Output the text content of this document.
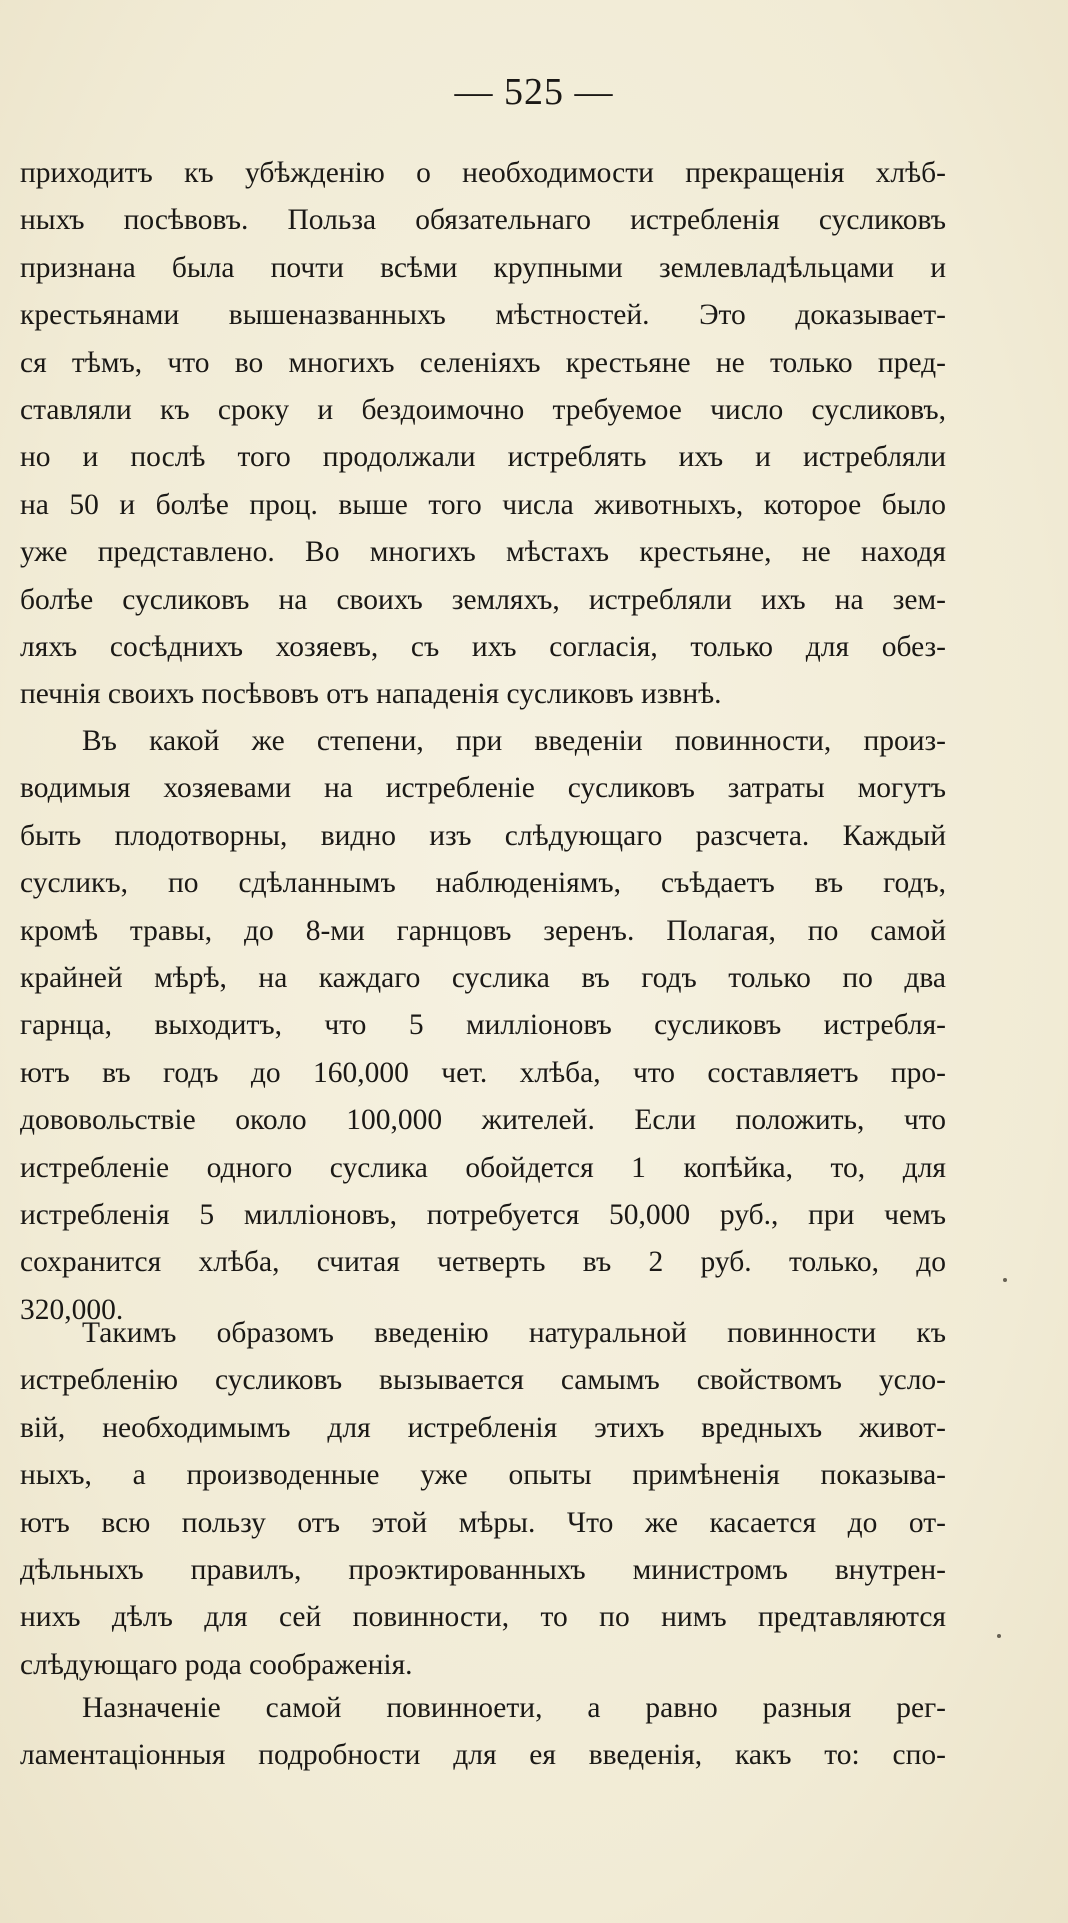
— 525 —
приходитъ къ убѣжденію о необходимости прекращенія хлѣб-
ныхъ посѣвовъ. Польза обязательнаго истребленія сусликовъ
признана была почти всѣми крупными землевладѣльцами и
крестьянами вышеназванныхъ мѣстностей. Это доказывает-
ся тѣмъ, что во многихъ селеніяхъ крестьяне не только пред-
ставляли къ сроку и бездоимочно требуемое число сусликовъ,
но и послѣ того продолжали истреблять ихъ и истребляли
на 50 и болѣе проц. выше того числа животныхъ, которое было
уже представлено. Во многихъ мѣстахъ крестьяне, не находя
болѣе сусликовъ на своихъ земляхъ, истребляли ихъ на зем-
ляхъ сосѣднихъ хозяевъ, съ ихъ согласія, только для обез-
печнія своихъ посѣвовъ отъ нападенія сусликовъ извнѣ.
Въ какой же степени, при введеніи повинности, произ-
водимыя хозяевами на истребленіе сусликовъ затраты могутъ
быть плодотворны, видно изъ слѣдующаго разсчета. Каждый
сусликъ, по сдѣланнымъ наблюденіямъ, съѣдаетъ въ годъ,
кромѣ травы, до 8-ми гарнцовъ зеренъ. Полагая, по самой
крайней мѣрѣ, на каждаго суслика въ годъ только по два
гарнца, выходитъ, что 5 милліоновъ сусликовъ истребля-
ютъ въ годъ до 160,000 чет. хлѣба, что составляетъ про-
дововольствіе около 100,000 жителей. Если положить, что
истребленіе одного суслика обойдется 1 копѣйка, то, для
истребленія 5 милліоновъ, потребуется 50,000 руб., при чемъ
сохранится хлѣба, считая четверть въ 2 руб. только, до
320,000.
Такимъ образомъ введенію натуральной повинности къ
истребленію сусликовъ вызывается самымъ свойствомъ усло-
вій, необходимымъ для истребленія этихъ вредныхъ живот-
ныхъ, а производенные уже опыты примѣненія показыва-
ютъ всю пользу отъ этой мѣры. Что же касается до от-
дѣльныхъ правилъ, проэктированныхъ министромъ внутрен-
нихъ дѣлъ для сей повинности, то по нимъ предтавляются
слѣдующаго рода соображенія.
Назначеніе самой повинноети, а равно разныя рег-
ламентаціонныя подробности для ея введенія, какъ то: спо-
